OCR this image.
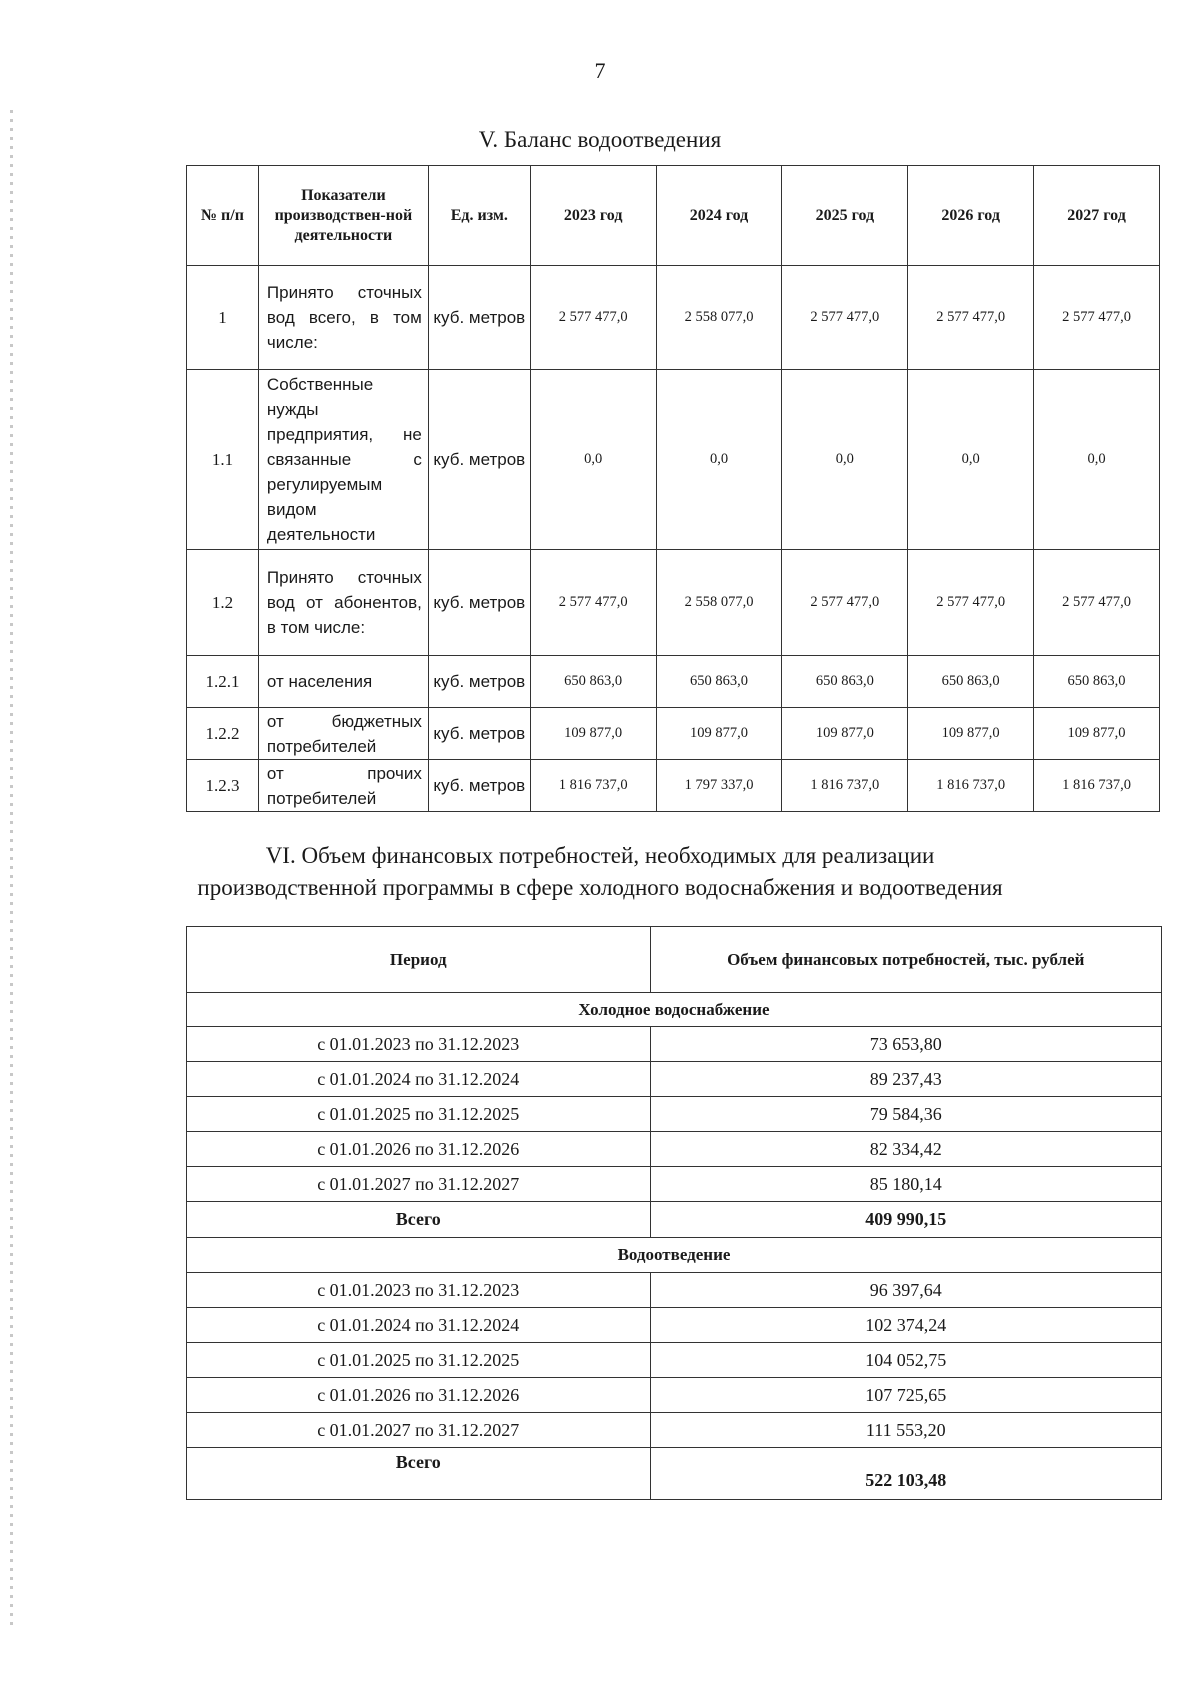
7
V. Баланс водоотведения
№ п/п	Показатели производствен-ной деятельности	Ед. изм.	2023 год	2024 год	2025 год	2026 год	2027 год
1	Принято сточных вод всего, в том числе:	куб. метров	2 577 477,0	2 558 077,0	2 577 477,0	2 577 477,0	2 577 477,0
1.1	Собственные нужды предприятия, не связанные с регулируемым видом деятельности	куб. метров	0,0	0,0	0,0	0,0	0,0
1.2	Принято сточных вод от абонентов, в том числе:	куб. метров	2 577 477,0	2 558 077,0	2 577 477,0	2 577 477,0	2 577 477,0
1.2.1	от населения	куб. метров	650 863,0	650 863,0	650 863,0	650 863,0	650 863,0
1.2.2	от бюджетных потребителей	куб. метров	109 877,0	109 877,0	109 877,0	109 877,0	109 877,0
1.2.3	от прочих потребителей	куб. метров	1 816 737,0	1 797 337,0	1 816 737,0	1 816 737,0	1 816 737,0
VI. Объем финансовых потребностей, необходимых для реализации
производственной программы в сфере холодного водоснабжения и водоотведения
Период	Объем финансовых потребностей, тыс. рублей
Холодное водоснабжение	
с 01.01.2023 по 31.12.2023	73 653,80
с 01.01.2024 по 31.12.2024	89 237,43
с 01.01.2025 по 31.12.2025	79 584,36
с 01.01.2026 по 31.12.2026	82 334,42
с 01.01.2027 по 31.12.2027	85 180,14
Всего	409 990,15
Водоотведение	
с 01.01.2023 по 31.12.2023	96 397,64
с 01.01.2024 по 31.12.2024	102 374,24
с 01.01.2025 по 31.12.2025	104 052,75
с 01.01.2026 по 31.12.2026	107 725,65
с 01.01.2027 по 31.12.2027	111 553,20
Всего	522 103,48
